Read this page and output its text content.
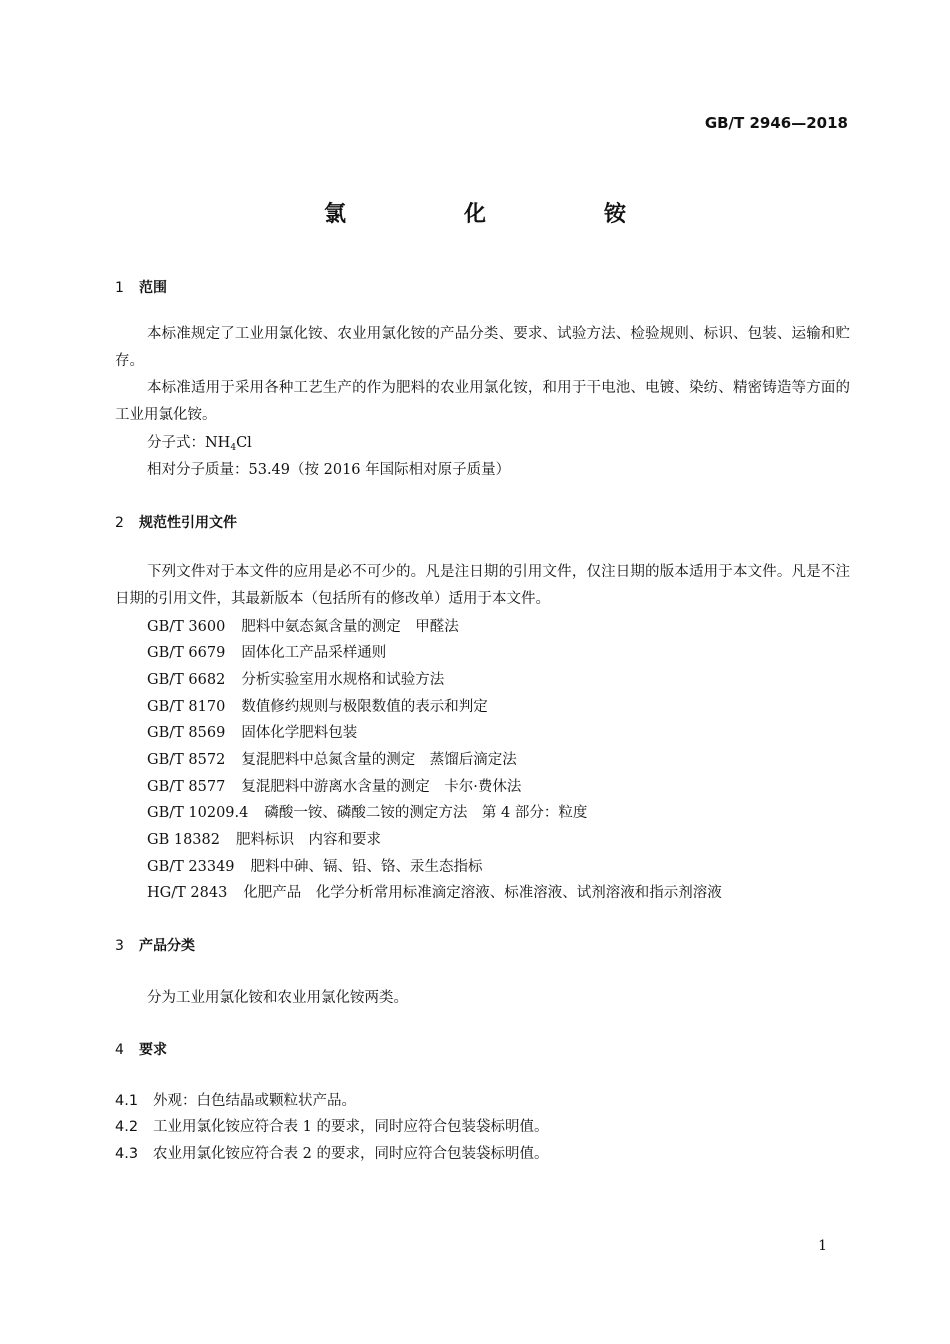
GB/T 2946—2018
氯　化　铵
1 范围
本标准规定了工业用氯化铵、农业用氯化铵的产品分类、要求、试验方法、检验规则、标识、包装、运输和贮存。
本标准适用于采用各种工艺生产的作为肥料的农业用氯化铵，和用于干电池、电镀、染纺、精密铸造等方面的工业用氯化铵。
分子式：$NH_4Cl$
相对分子质量：53.49（按 2016 年国际相对原子质量）
2 规范性引用文件
下列文件对于本文件的应用是必不可少的。凡是注日期的引用文件，仅注日期的版本适用于本文件。凡是不注日期的引用文件，其最新版本（包括所有的修改单）适用于本文件。
GB/T 3600 肥料中氨态氮含量的测定　甲醛法
GB/T 6679 固体化工产品采样通则
GB/T 6682 分析实验室用水规格和试验方法
GB/T 8170 数值修约规则与极限数值的表示和判定
GB/T 8569 固体化学肥料包装
GB/T 8572 复混肥料中总氮含量的测定　蒸馏后滴定法
GB/T 8577 复混肥料中游离水含量的测定　卡尔·费休法
GB/T 10209.4 磷酸一铵、磷酸二铵的测定方法　第 4 部分：粒度
GB 18382 肥料标识　内容和要求
GB/T 23349 肥料中砷、镉、铅、铬、汞生态指标
HG/T 2843 化肥产品　化学分析常用标准滴定溶液、标准溶液、试剂溶液和指示剂溶液
3 产品分类
分为工业用氯化铵和农业用氯化铵两类。
4 要求
4.1 外观：白色结晶或颗粒状产品。
4.2 工业用氯化铵应符合表 1 的要求，同时应符合包装袋标明值。
4.3 农业用氯化铵应符合表 2 的要求，同时应符合包装袋标明值。
1
